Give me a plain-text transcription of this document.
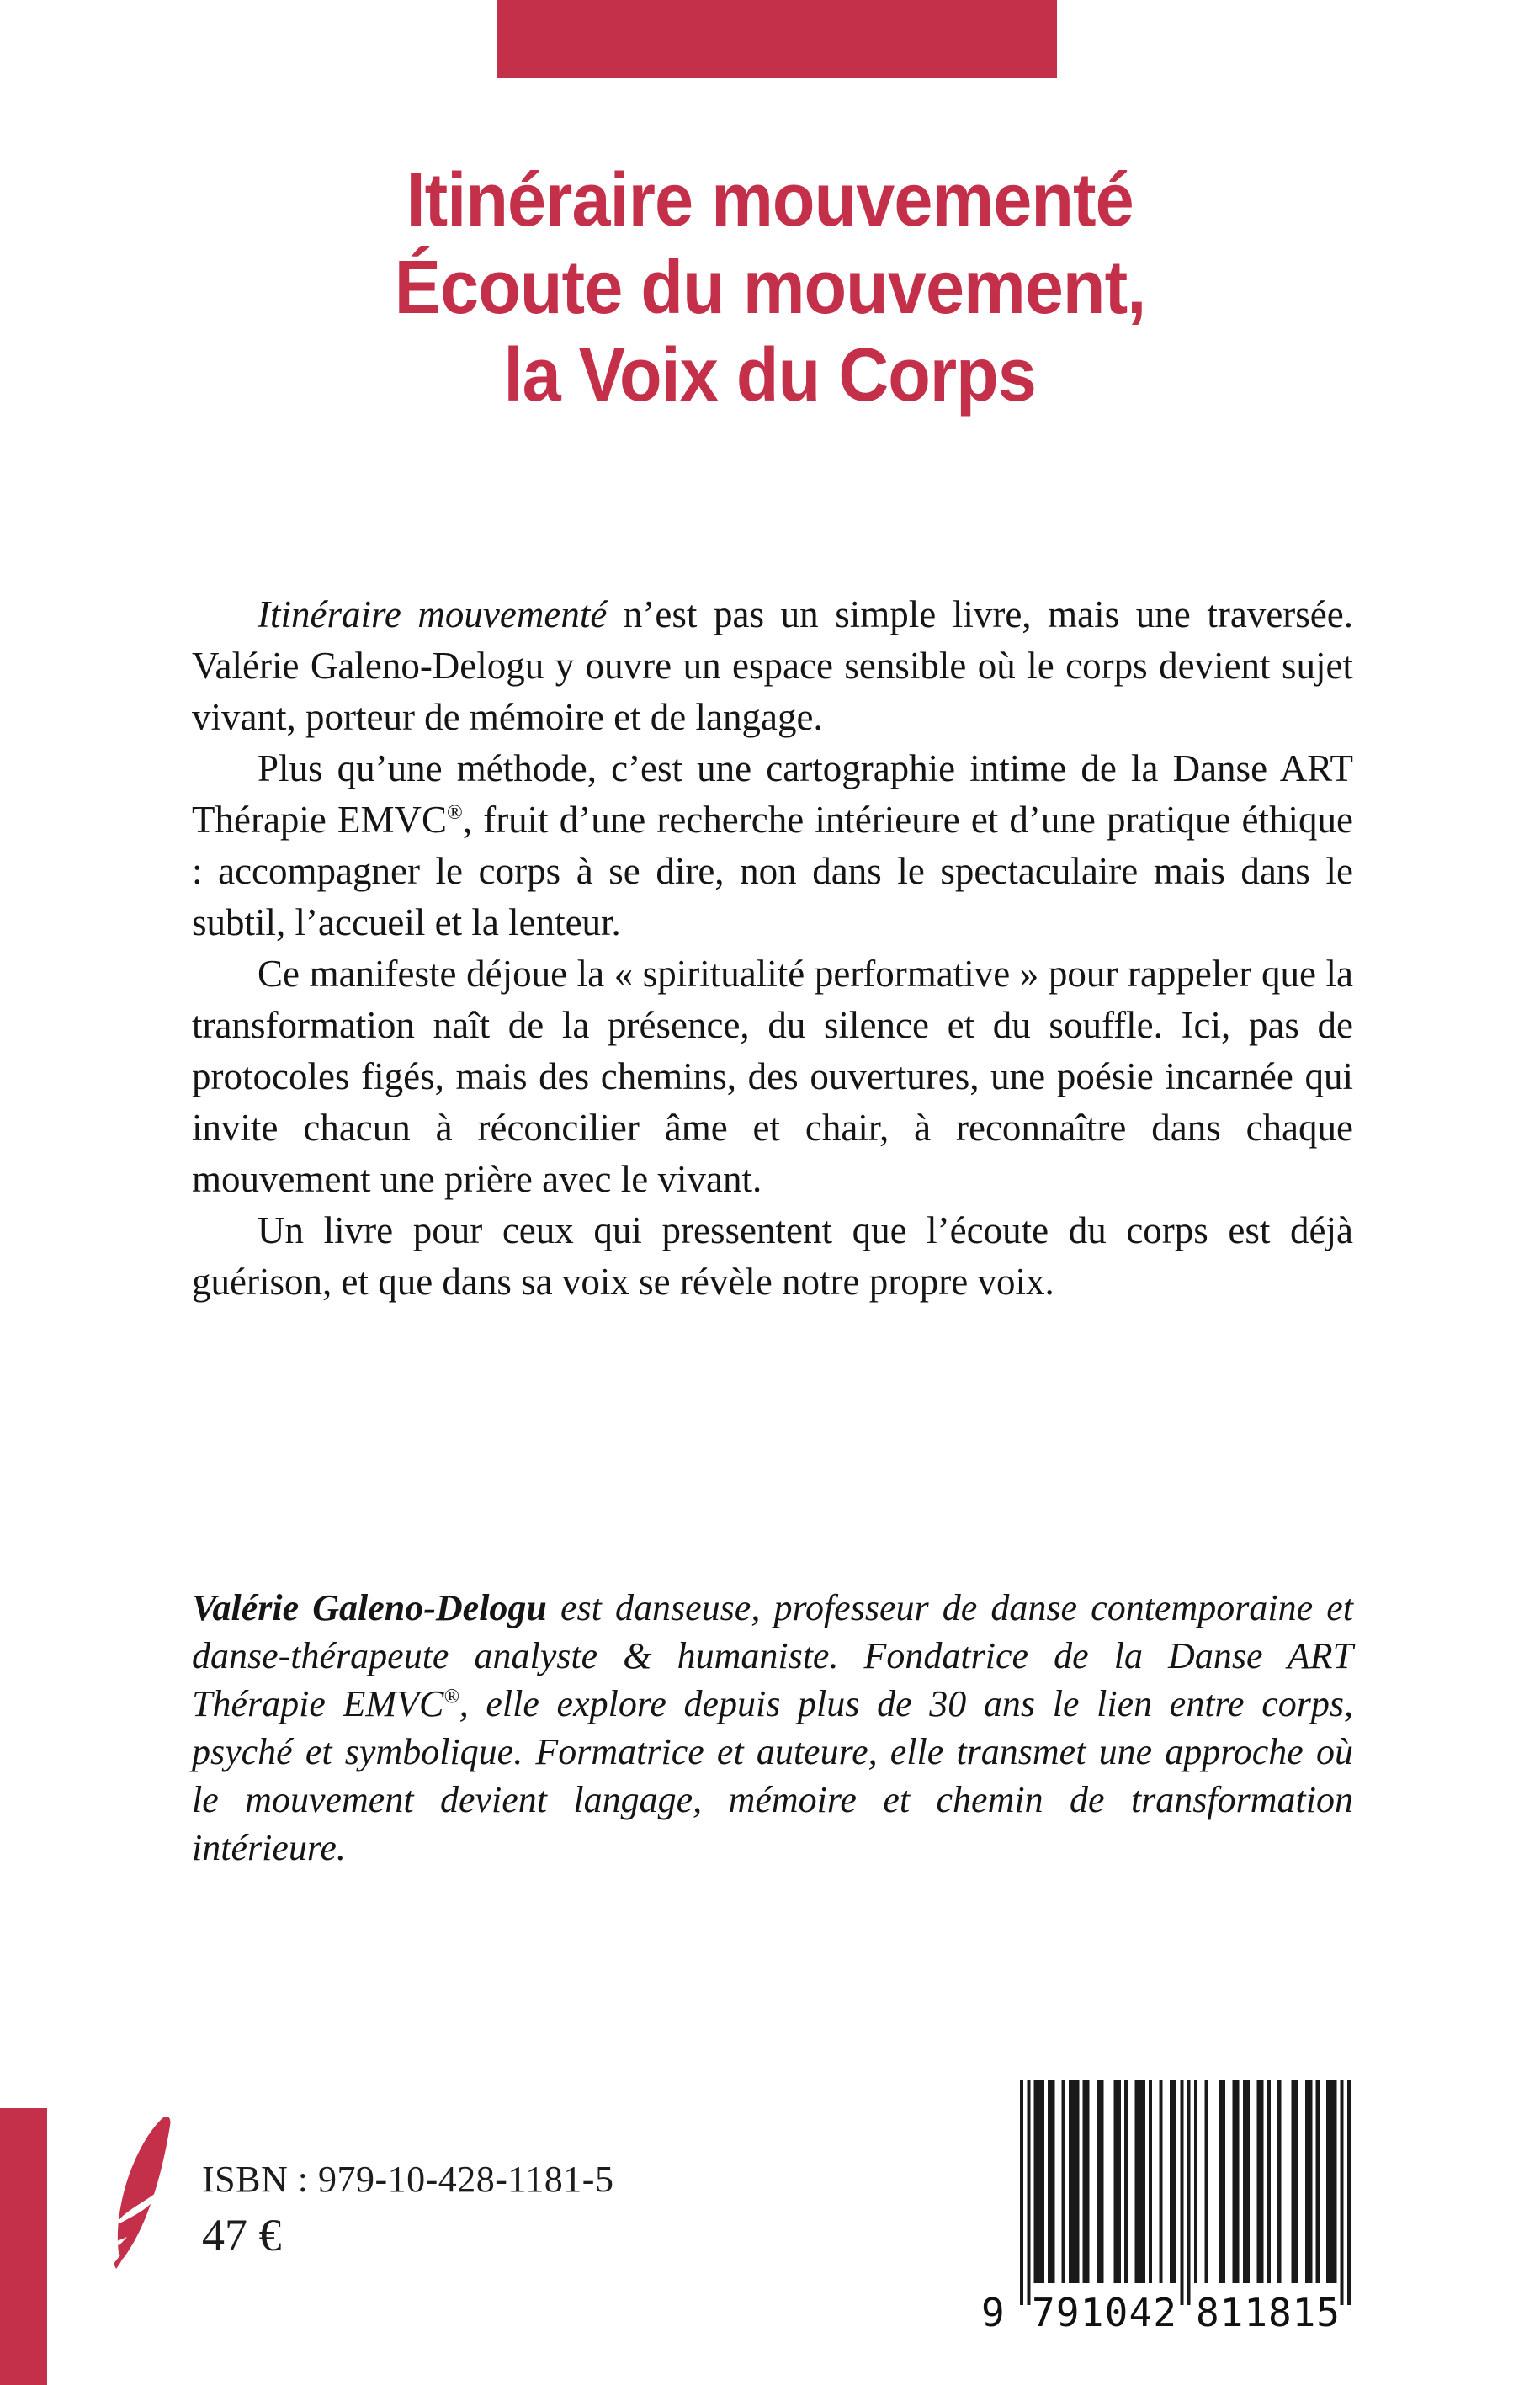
Itinéraire mouvementé
Écoute du mouvement,
la Voix du Corps

Itinéraire mouvementé n’est pas un simple livre, mais une traversée. Valérie Galeno-Delogu y ouvre un espace sensible où le corps devient sujet vivant, porteur de mémoire et de langage.

Plus qu’une méthode, c’est une cartographie intime de la Danse ART Thérapie EMVC®, fruit d’une recherche intérieure et d’une pratique éthique : accompagner le corps à se dire, non dans le spectaculaire mais dans le subtil, l’accueil et la lenteur.

Ce manifeste déjoue la « spiritualité performative » pour rappeler que la transformation naît de la présence, du silence et du souffle. Ici, pas de protocoles figés, mais des chemins, des ouvertures, une poésie incarnée qui invite chacun à réconcilier âme et chair, à reconnaître dans chaque mouvement une prière avec le vivant.

Un livre pour ceux qui pressentent que l’écoute du corps est déjà guérison, et que dans sa voix se révèle notre propre voix.

Valérie Galeno-Delogu est danseuse, professeur de danse contemporaine et danse-thérapeute analyste & humaniste. Fondatrice de la Danse ART Thérapie EMVC®, elle explore depuis plus de 30 ans le lien entre corps, psyché et symbolique. Formatrice et auteure, elle transmet une approche où le mouvement devient langage, mémoire et chemin de transformation intérieure.

ISBN : 979-10-428-1181-5
47 €
9 7 9 1 0 4 2 8 1 1 8 1 5
